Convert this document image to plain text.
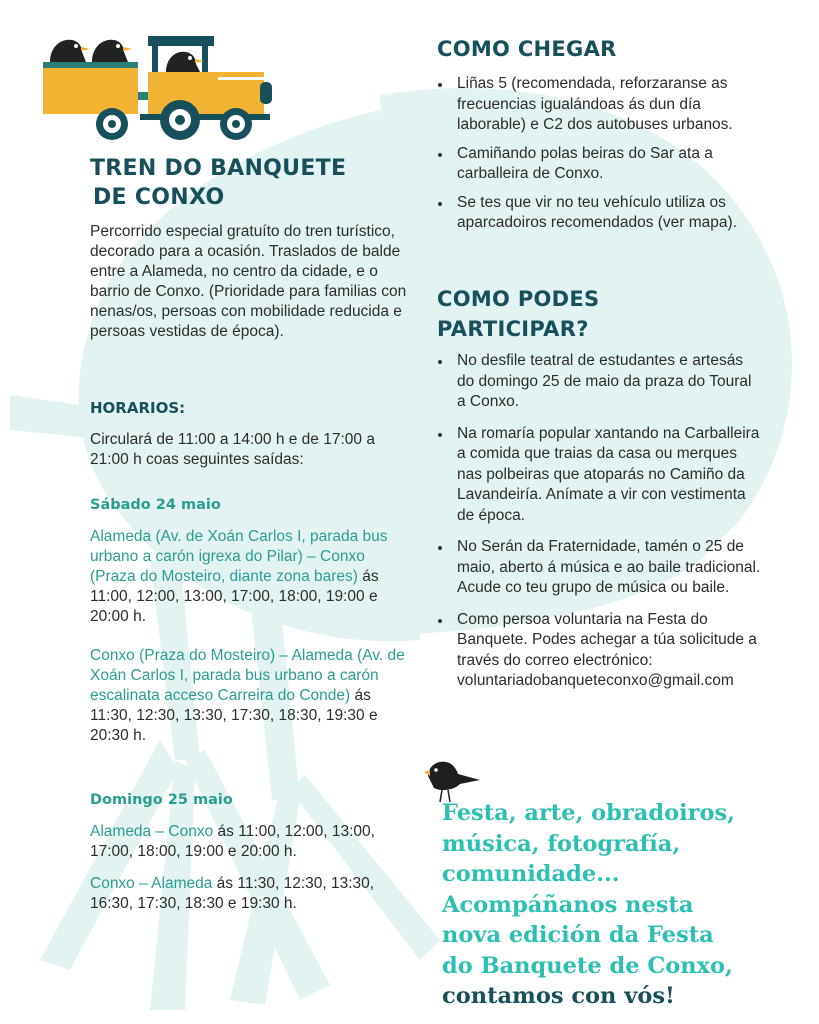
TREN DO BANQUETE
DE CONXO

Percorrido especial gratuíto do tren turístico, decorado para a ocasión. Traslados de balde entre a Alameda, no centro da cidade, e o barrio de Conxo. (Prioridade para familias con nenas/os, persoas con mobilidade reducida e persoas vestidas de época).

HORARIOS:

Circulará de 11:00 a 14:00 h e de 17:00 a 21:00 h coas seguintes saídas:

Sábado 24 maio

Alameda (Av. de Xoán Carlos I, parada bus urbano a carón igrexa do Pilar) – Conxo (Praza do Mosteiro, diante zona bares) ás 11:00, 12:00, 13:00, 17:00, 18:00, 19:00 e 20:00 h.

Conxo (Praza do Mosteiro) – Alameda (Av. de Xoán Carlos I, parada bus urbano a carón escalinata acceso Carreira do Conde) ás 11:30, 12:30, 13:30, 17:30, 18:30, 19:30 e 20:30 h.

Domingo 25 maio

Alameda – Conxo ás 11:00, 12:00, 13:00, 17:00, 18:00, 19:00 e 20:00 h.

Conxo – Alameda ás 11:30, 12:30, 13:30, 16:30, 17:30, 18:30 e 19:30 h.

COMO CHEGAR

Liñas 5 (recomendada, reforzaranse as frecuencias igualándoas ás dun día laborable) e C2 dos autobuses urbanos.
Camiñando polas beiras do Sar ata a carballeira de Conxo.
Se tes que vir no teu vehículo utiliza os aparcadoiros recomendados (ver mapa).

COMO PODES

PARTICIPAR?

No desfile teatral de estudantes e artesás do domingo 25 de maio da praza do Toural a Conxo.
Na romaría popular xantando na Carballeira a comida que traias da casa ou merques nas polbeiras que atoparás no Camiño da Lavandeiría. Anímate a vir con vestimenta de época.
No Serán da Fraternidade, tamén o 25 de maio, aberto á música e ao baile tradicional. Acude co teu grupo de música ou baile.
Como persoa voluntaria na Festa do Banquete. Podes achegar a túa solicitude a través do correo electrónico:
voluntariadobanqueteconxo@gmail.com
Festa, arte, obradoiros,
música, fotografía,
comunidade...
Acompáñanos nesta
nova edición da Festa
do Banquete de Conxo,
contamos con vós!
